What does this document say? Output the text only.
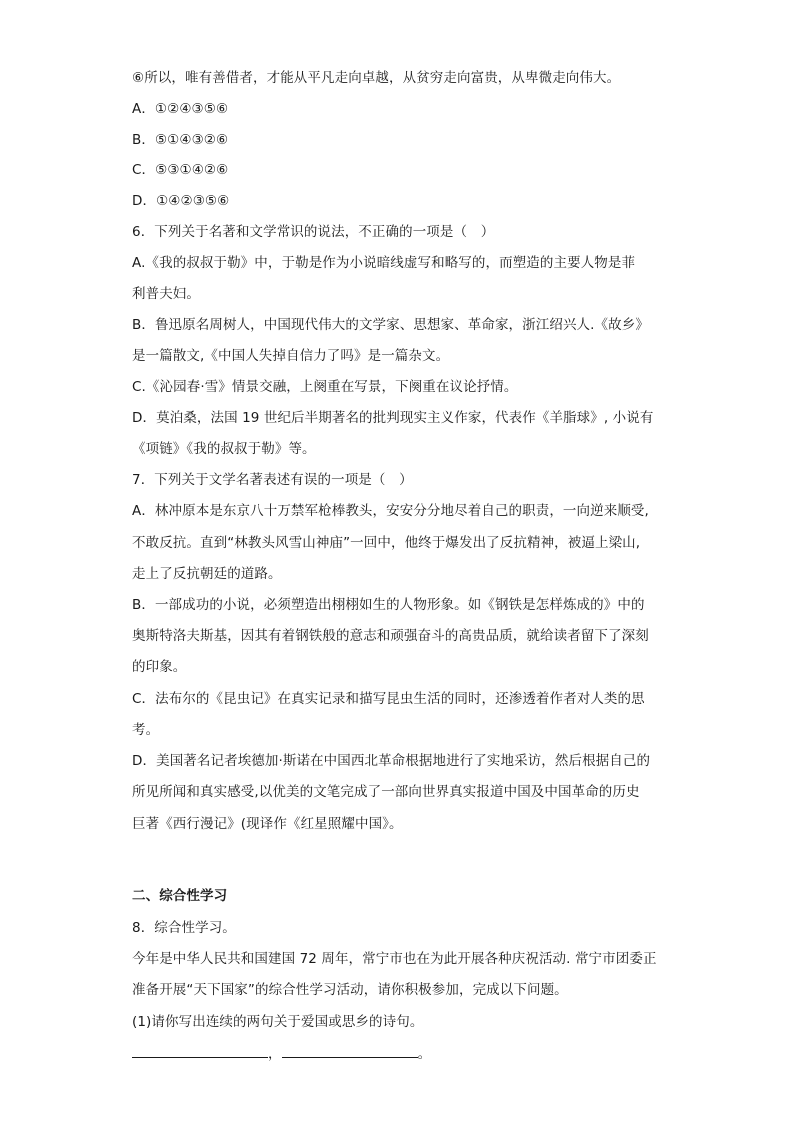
⑥所以，唯有善借者，才能从平凡走向卓越，从贫穷走向富贵，从卑微走向伟大。
A．①②④③⑤⑥
B．⑤①④③②⑥
C．⑤③①④②⑥
D．①④②③⑤⑥
6．下列关于名著和文学常识的说法，不正确的一项是（　）
A.《我的叔叔于勒》中，于勒是作为小说暗线虚写和略写的，而塑造的主要人物是菲
利普夫妇。
B．鲁迅原名周树人，中国现代伟大的文学家、思想家、革命家，浙江绍兴人.《故乡》
是一篇散文,《中国人失掉自信力了吗》是一篇杂文。
C.《沁园春·雪》情景交融，上阕重在写景，下阕重在议论抒情。
D．莫泊桑，法国 19 世纪后半期著名的批判现实主义作家，代表作《羊脂球》, 小说有
《项链》《我的叔叔于勒》等。
7．下列关于文学名著表述有误的一项是（　）
A．林冲原本是东京八十万禁军枪棒教头，安安分分地尽着自己的职责，一向逆来顺受,
不敢反抗。直到“林教头风雪山神庙”一回中，他终于爆发出了反抗精神，被逼上梁山,
走上了反抗朝廷的道路。
B．一部成功的小说，必须塑造出栩栩如生的人物形象。如《钢铁是怎样炼成的》中的
奥斯特洛夫斯基，因其有着钢铁般的意志和顽强奋斗的高贵品质，就给读者留下了深刻
的印象。
C．法布尔的《昆虫记》在真实记录和描写昆虫生活的同时，还渗透着作者对人类的思
考。
D．美国著名记者埃德加·斯诺在中国西北革命根据地进行了实地采访，然后根据自己的
所见所闻和真实感受,以优美的文笔完成了一部向世界真实报道中国及中国革命的历史
巨著《西行漫记》(现译作《红星照耀中国》。
二、综合性学习
8．综合性学习。
今年是中华人民共和国建国 72 周年，常宁市也在为此开展各种庆祝活动. 常宁市团委正
准备开展“天下国家”的综合性学习活动，请你积极参加，完成以下问题。
(1)请你写出连续的两句关于爱国或思乡的诗句。
，	。
